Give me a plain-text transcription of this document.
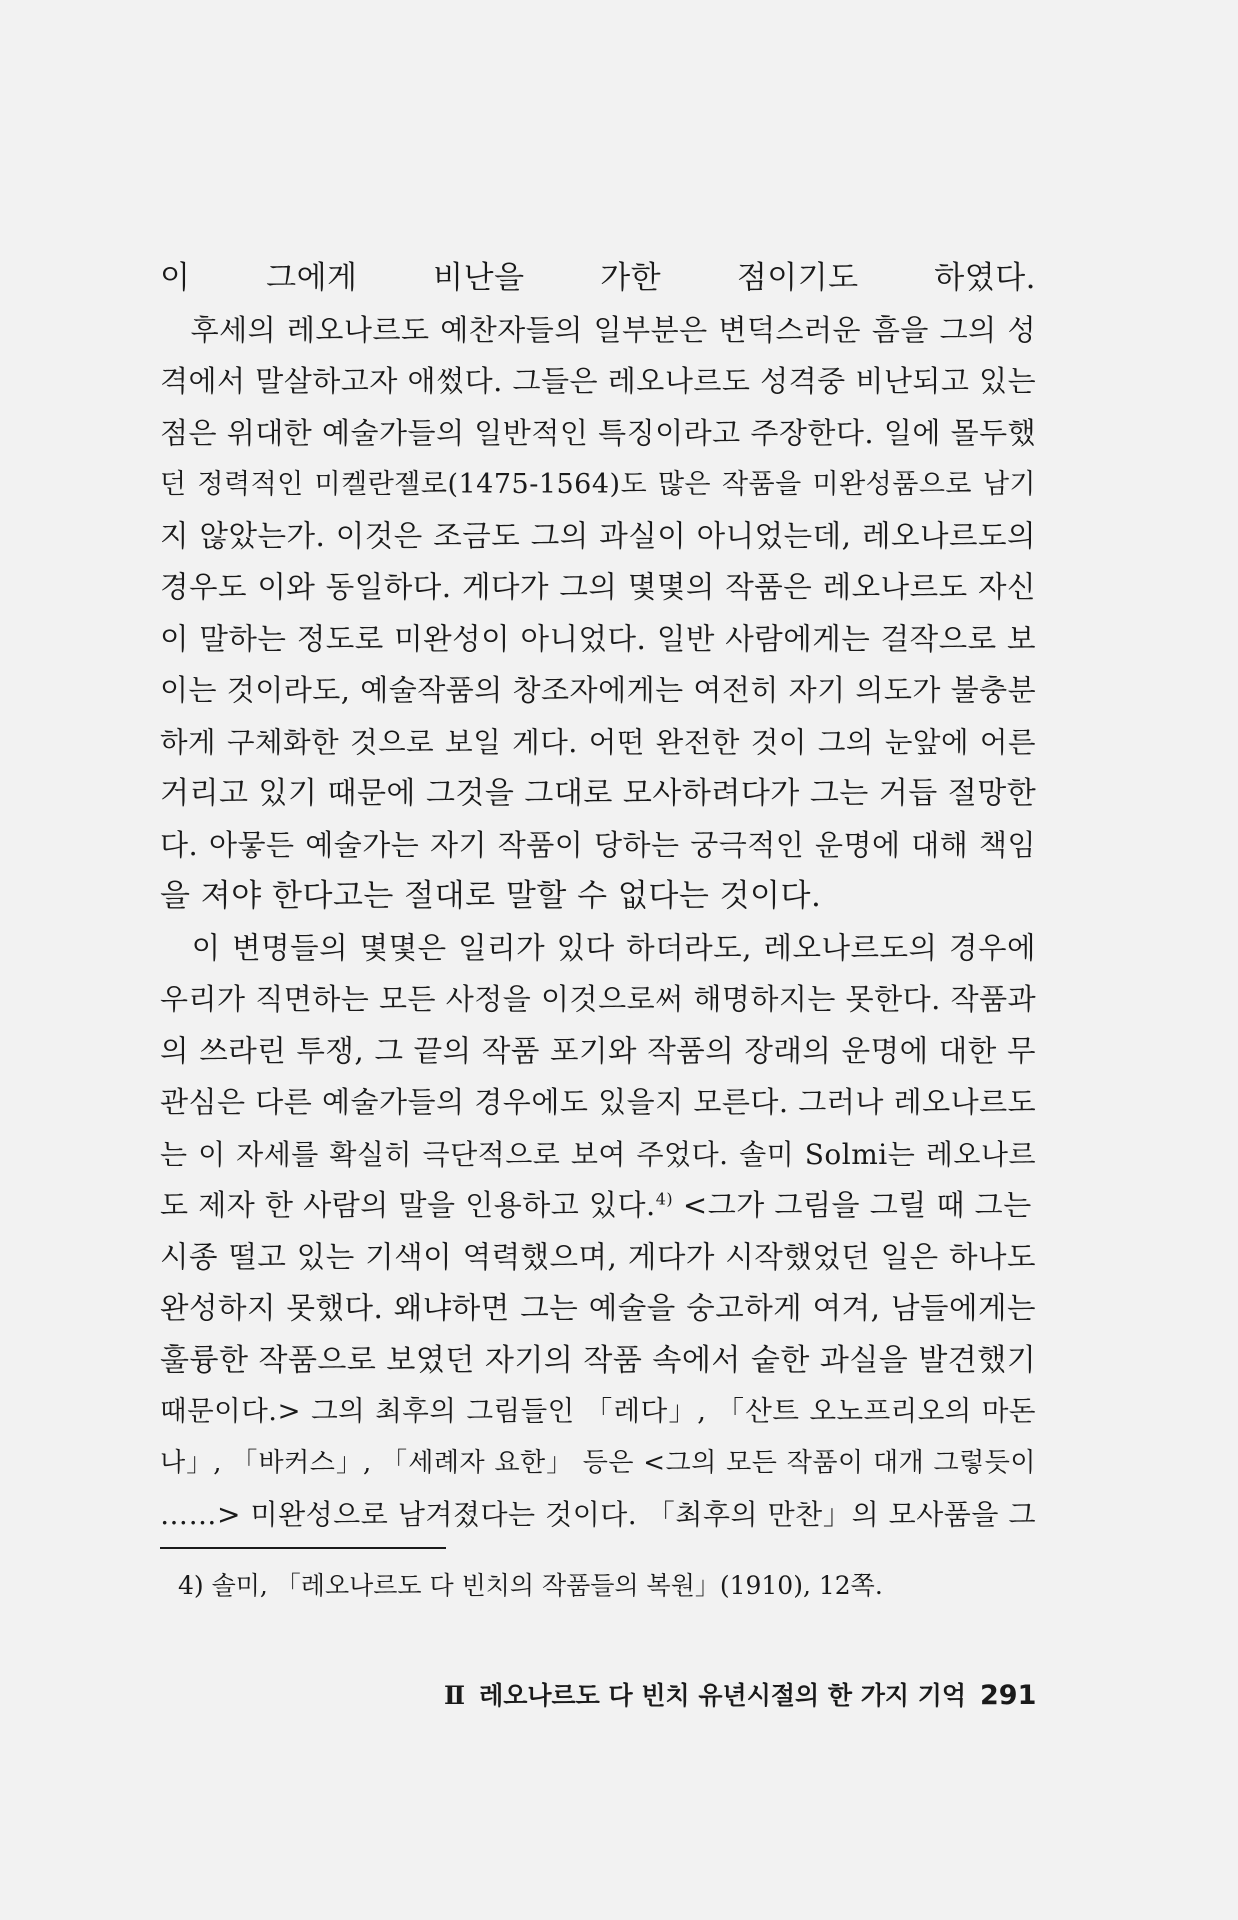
이 그에게 비난을 가한 점이기도 하였다.
　후세의 레오나르도 예찬자들의 일부분은 변덕스러운 흠을 그의 성
격에서 말살하고자 애썼다. 그들은 레오나르도 성격중 비난되고 있는
점은 위대한 예술가들의 일반적인 특징이라고 주장한다. 일에 몰두했
던 정력적인 미켈란젤로(1475-1564)도 많은 작품을 미완성품으로 남기
지 않았는가. 이것은 조금도 그의 과실이 아니었는데, 레오나르도의
경우도 이와 동일하다. 게다가 그의 몇몇의 작품은 레오나르도 자신
이 말하는 정도로 미완성이 아니었다. 일반 사람에게는 걸작으로 보
이는 것이라도, 예술작품의 창조자에게는 여전히 자기 의도가 불충분
하게 구체화한 것으로 보일 게다. 어떤 완전한 것이 그의 눈앞에 어른
거리고 있기 때문에 그것을 그대로 모사하려다가 그는 거듭 절망한
다. 아뭏든 예술가는 자기 작품이 당하는 궁극적인 운명에 대해 책임
을 져야 한다고는 절대로 말할 수 없다는 것이다.
　이 변명들의 몇몇은 일리가 있다 하더라도, 레오나르도의 경우에
우리가 직면하는 모든 사정을 이것으로써 해명하지는 못한다. 작품과
의 쓰라린 투쟁, 그 끝의 작품 포기와 작품의 장래의 운명에 대한 무
관심은 다른 예술가들의 경우에도 있을지 모른다. 그러나 레오나르도
는 이 자세를 확실히 극단적으로 보여 주었다. 솔미 Solmi는 레오나르
도 제자 한 사람의 말을 인용하고 있다.$^{4)}$ <그가 그림을 그릴 때 그는
시종 떨고 있는 기색이 역력했으며, 게다가 시작했었던 일은 하나도
완성하지 못했다. 왜냐하면 그는 예술을 숭고하게 여겨, 남들에게는
훌륭한 작품으로 보였던 자기의 작품 속에서 숱한 과실을 발견했기
때문이다.> 그의 최후의 그림들인 「레다」, 「산트 오노프리오의 마돈
나」, 「바커스」, 「세례자 요한」 등은 <그의 모든 작품이 대개 그렇듯이
……> 미완성으로 남겨졌다는 것이다. 「최후의 만찬」의 모사품을 그
4) 솔미, 「레오나르도 다 빈치의 작품들의 복원」(1910), 12쪽.
Ⅱ 레오나르도 다 빈치 유년시절의 한 가지 기억 291
